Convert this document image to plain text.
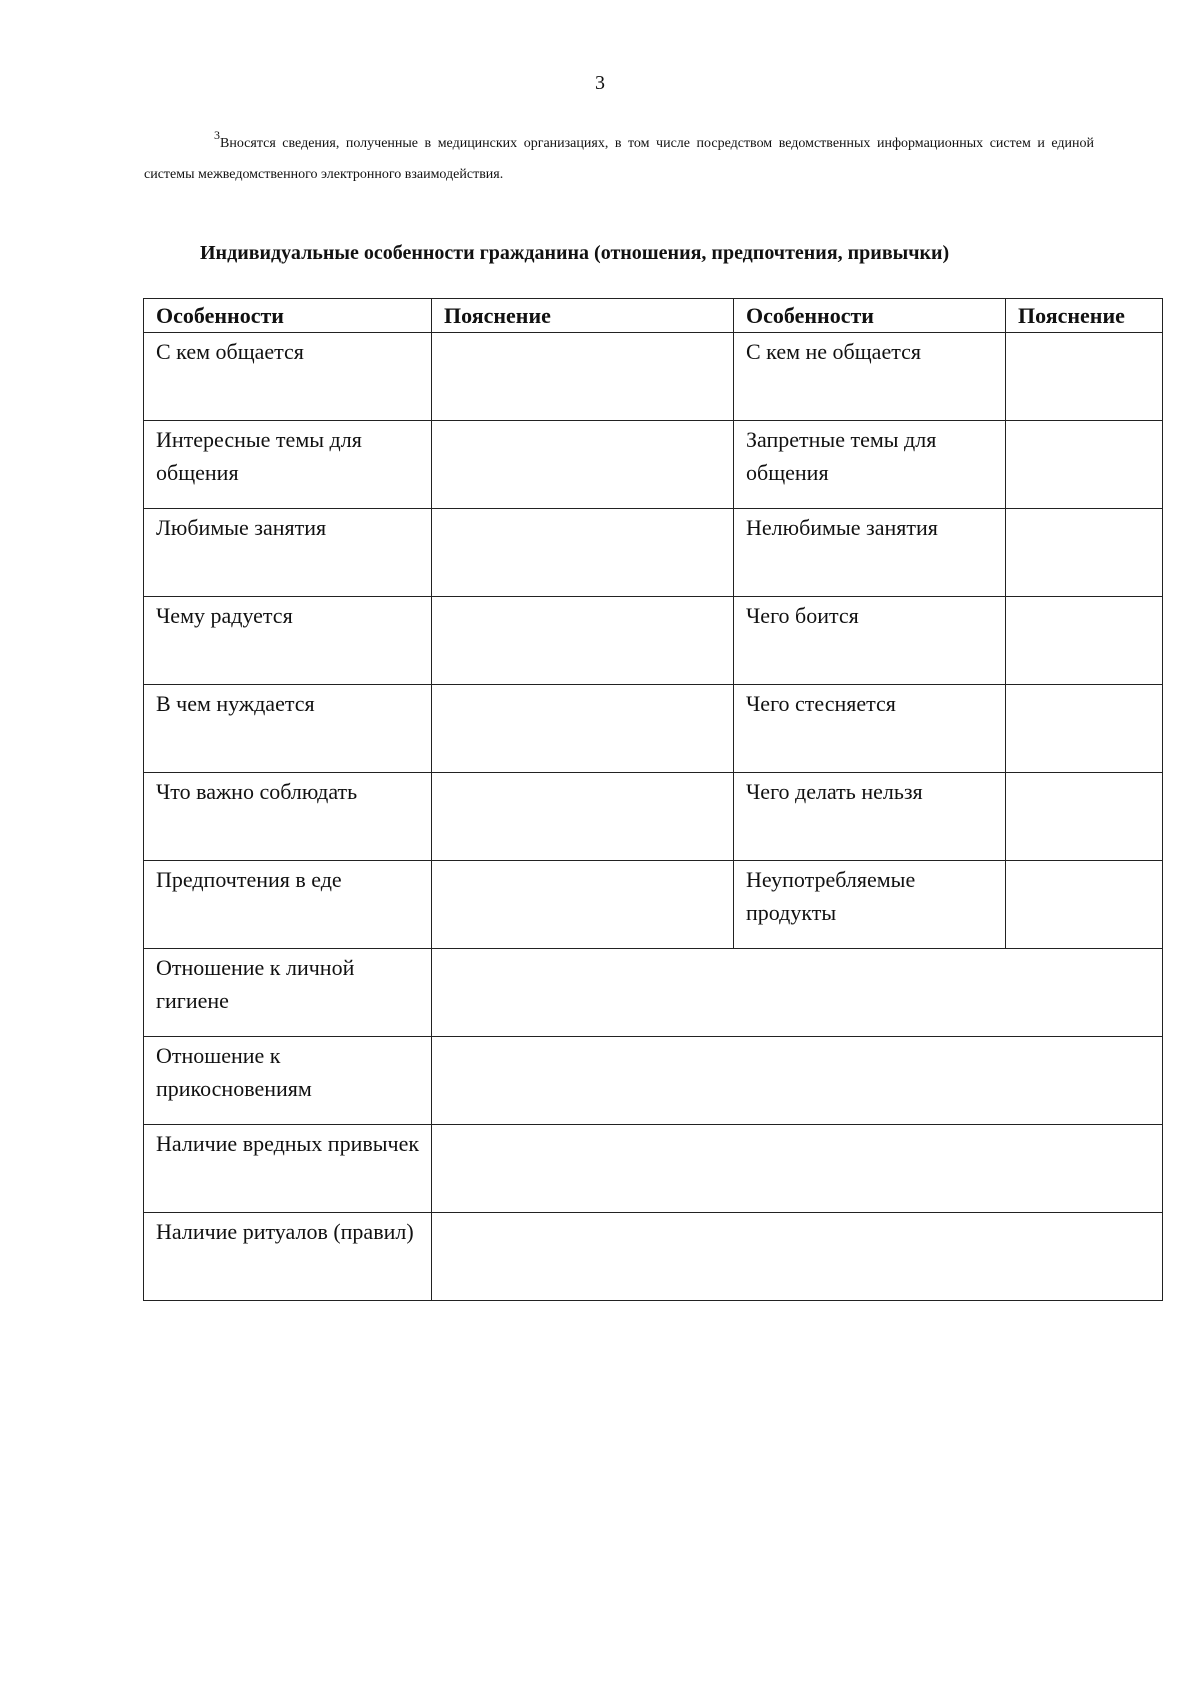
3
$^3$Вносятся сведения, полученные в медицинских организациях, в том числе посредством ведомственных информационных систем и единой системы межведомственного электронного взаимодействия.
Индивидуальные особенности гражданина (отношения, предпочтения, привычки)
Особенности	Пояснение	Особенности	Пояснение
С кем общается		С кем не общается	
Интересные темы для общения		Запретные темы для общения	
Любимые занятия		Нелюбимые занятия	
Чему радуется		Чего боится	
В чем нуждается		Чего стесняется	
Что важно соблюдать		Чего делать нельзя	
Предпочтения в еде		Неупотребляемые продукты	
Отношение к личной гигиене			
Отношение к прикосновениям			
Наличие вредных привычек			
Наличие ритуалов (правил)			
